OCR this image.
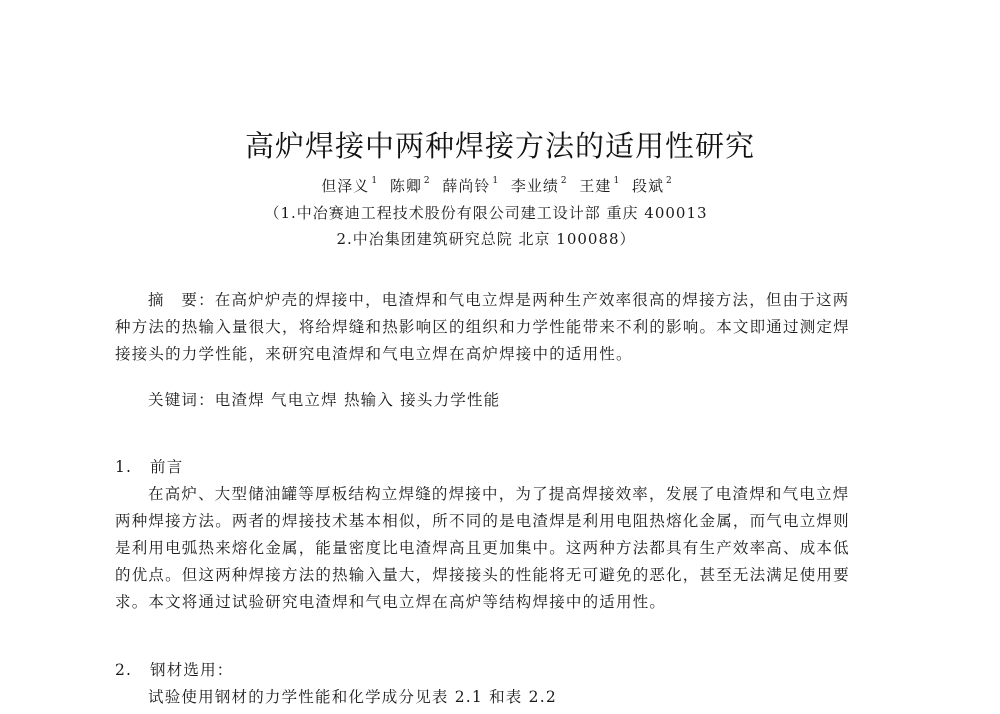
高炉焊接中两种焊接方法的适用性研究
但泽义 $^1$ 陈卿 $^2$ 薛尚铃 $^1$ 李业绩 $^2$ 王建 $^1$ 段斌 $^2$
（1.中冶赛迪工程技术股份有限公司建工设计部 重庆 400013
2.中冶集团建筑研究总院 北京 100088）
摘　要：在高炉炉壳的焊接中，电渣焊和气电立焊是两种生产效率很高的焊接方法，但由于这两
种方法的热输入量很大，将给焊缝和热影响区的组织和力学性能带来不利的影响。本文即通过测定焊
接接头的力学性能，来研究电渣焊和气电立焊在高炉焊接中的适用性。
关键词：电渣焊 气电立焊 热输入 接头力学性能
1.	前言
在高炉、大型储油罐等厚板结构立焊缝的焊接中，为了提高焊接效率，发展了电渣焊和气电立焊
两种焊接方法。两者的焊接技术基本相似，所不同的是电渣焊是利用电阻热熔化金属，而气电立焊则
是利用电弧热来熔化金属，能量密度比电渣焊高且更加集中。这两种方法都具有生产效率高、成本低
的优点。但这两种焊接方法的热输入量大，焊接接头的性能将无可避免的恶化，甚至无法满足使用要
求。本文将通过试验研究电渣焊和气电立焊在高炉等结构焊接中的适用性。
2.	钢材选用：
试验使用钢材的力学性能和化学成分见表 2.1 和表 2.2
